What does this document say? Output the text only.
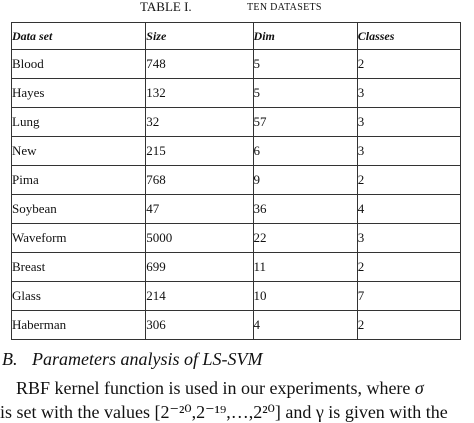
TABLE I.	TEN DATASETS
Data set	Size	Dim	Classes
Blood	748	5	2
Hayes	132	5	3
Lung	32	57	3
New	215	6	3
Pima	768	9	2
Soybean	47	36	4
Waveform	5000	22	3
Breast	699	11	2
Glass	214	10	7
Haberman	306	4	2
B. Parameters analysis of LS-SVM
RBF kernel function is used in our experiments, where σ
is set with the values [2⁻²⁰,2⁻¹⁹,…,2²⁰] and γ is given with the
